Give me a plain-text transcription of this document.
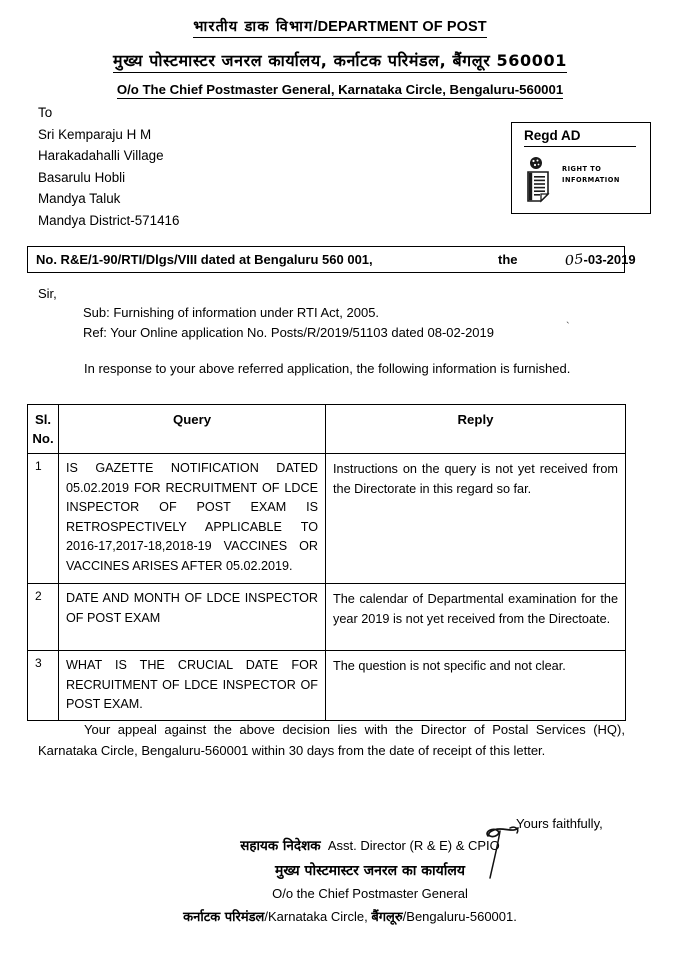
भारतीय डाक विभाग/DEPARTMENT OF POST
मुख्य पोस्टमास्टर जनरल कार्यालय, कर्नाटक परिमंडल, बैंगलूर 560001
O/o The Chief Postmaster General, Karnataka Circle, Bengaluru-560001
To
Sri Kemparaju H M
Harakadahalli Village
Basarulu Hobli
Mandya Taluk
Mandya District-571416
Regd AD
RIGHT TO
INFORMATION
No. R&E/1-90/RTI/Dlgs/VIII dated at Bengaluru 560 001,	the	05-03-2019
Sir,
Sub: Furnishing of information under RTI Act, 2005.
Ref: Your Online application No. Posts/R/2019/51103 dated 08-02-2019	`
In response to your above referred application, the following information is furnished.
Sl. No.	Query	Reply
1	IS GAZETTE NOTIFICATION DATED 05.02.2019 FOR RECRUITMENT OF LDCE INSPECTOR OF POST EXAM IS RETROSPECTIVELY APPLICABLE TO 2016-17,2017-18,2018-19 VACCINES OR VACCINES ARISES AFTER 05.02.2019.	Instructions on the query is not yet received from the Directorate in this regard so far.
2	DATE AND MONTH OF LDCE INSPECTOR OF POST EXAM	The calendar of Departmental examination for the year 2019 is not yet received from the Directoate.
3	WHAT IS THE CRUCIAL DATE FOR RECRUITMENT OF LDCE INSPECTOR OF POST EXAM.	The question is not specific and not clear.
Your appeal against the above decision lies with the Director of Postal Services (HQ), Karnataka Circle, Bengaluru-560001 within 30 days from the date of receipt of this letter.
Yours faithfully,
सहायक निदेशक Asst. Director (R & E) & CPIO
मुख्य पोस्टमास्टर जनरल का कार्यालय
O/o the Chief Postmaster General
कर्नाटक परिमंडल/Karnataka Circle, बैंगलूरु/Bengaluru-560001.
